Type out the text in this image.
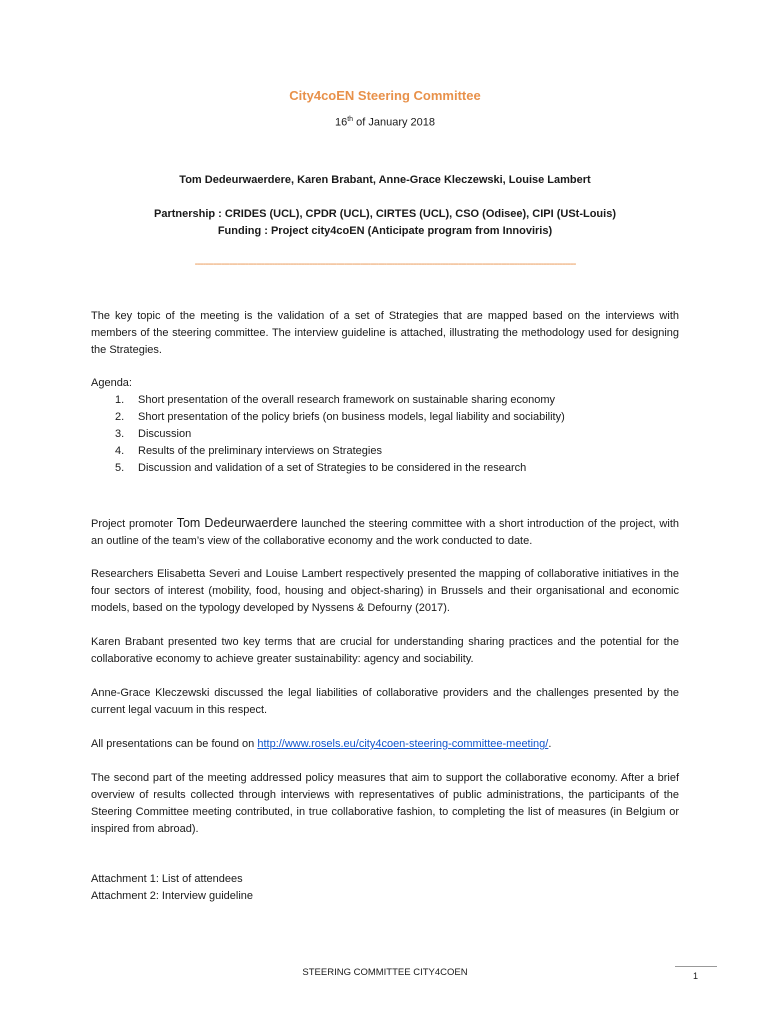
City4coEN Steering Committee
16th of January 2018
Tom Dedeurwaerdere, Karen Brabant, Anne-Grace Kleczewski, Louise Lambert
Partnership : CRIDES (UCL), CPDR (UCL), CIRTES (UCL), CSO (Odisee), CIPI (USt-Louis)
Funding : Project city4coEN (Anticipate program from Innoviris)
-----------------------------------------------------------------------------------------------------------------------------------------------
The key topic of the meeting is the validation of a set of Strategies that are mapped based on the interviews with members of the steering committee. The interview guideline is attached, illustrating the methodology used for designing the Strategies.
Agenda:
1. Short presentation of the overall research framework on sustainable sharing economy
2. Short presentation of the policy briefs (on business models, legal liability and sociability)
3. Discussion
4. Results of the preliminary interviews on Strategies
5. Discussion and validation of a set of Strategies to be considered in the research
Project promoter Tom Dedeurwaerdere launched the steering committee with a short introduction of the project, with an outline of the team’s view of the collaborative economy and the work conducted to date.
Researchers Elisabetta Severi and Louise Lambert respectively presented the mapping of collaborative initiatives in the four sectors of interest (mobility, food, housing and object-sharing) in Brussels and their organisational and economic models, based on the typology developed by Nyssens & Defourny (2017).
Karen Brabant presented two key terms that are crucial for understanding sharing practices and the potential for the collaborative economy to achieve greater sustainability: agency and sociability.
Anne-Grace Kleczewski discussed the legal liabilities of collaborative providers and the challenges presented by the current legal vacuum in this respect.
All presentations can be found on http://www.rosels.eu/city4coen-steering-committee-meeting/.
The second part of the meeting addressed policy measures that aim to support the collaborative economy. After a brief overview of results collected through interviews with representatives of public administrations, the participants of the Steering Committee meeting contributed, in true collaborative fashion, to completing the list of measures (in Belgium or inspired from abroad).
Attachment 1: List of attendees
Attachment 2: Interview guideline
STEERING COMMITTEE CITY4COEN	1
